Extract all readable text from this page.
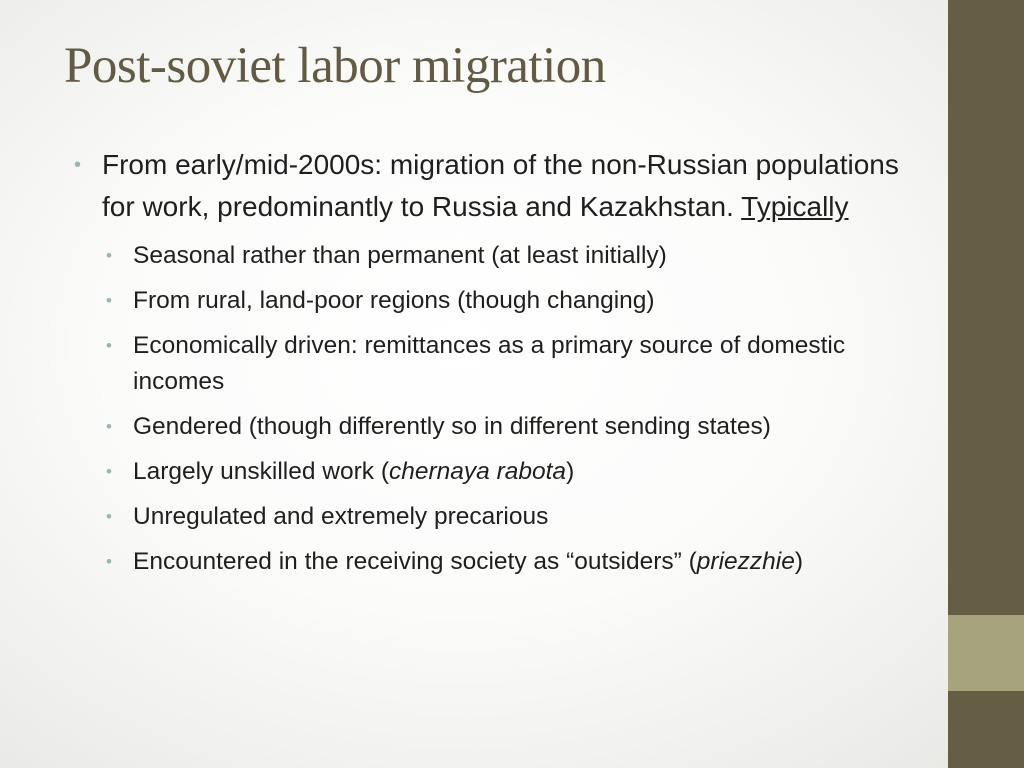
Post-soviet labor migration
• From early/mid-2000s: migration of the non-Russian populations for work, predominantly to Russia and Kazakhstan. Typically
• Seasonal rather than permanent (at least initially)
• From rural, land-poor regions (though changing)
• Economically driven: remittances as a primary source of domestic incomes
• Gendered (though differently so in different sending states)
• Largely unskilled work (chernaya rabota)
• Unregulated and extremely precarious
• Encountered in the receiving society as “outsiders” (priezzhie)
